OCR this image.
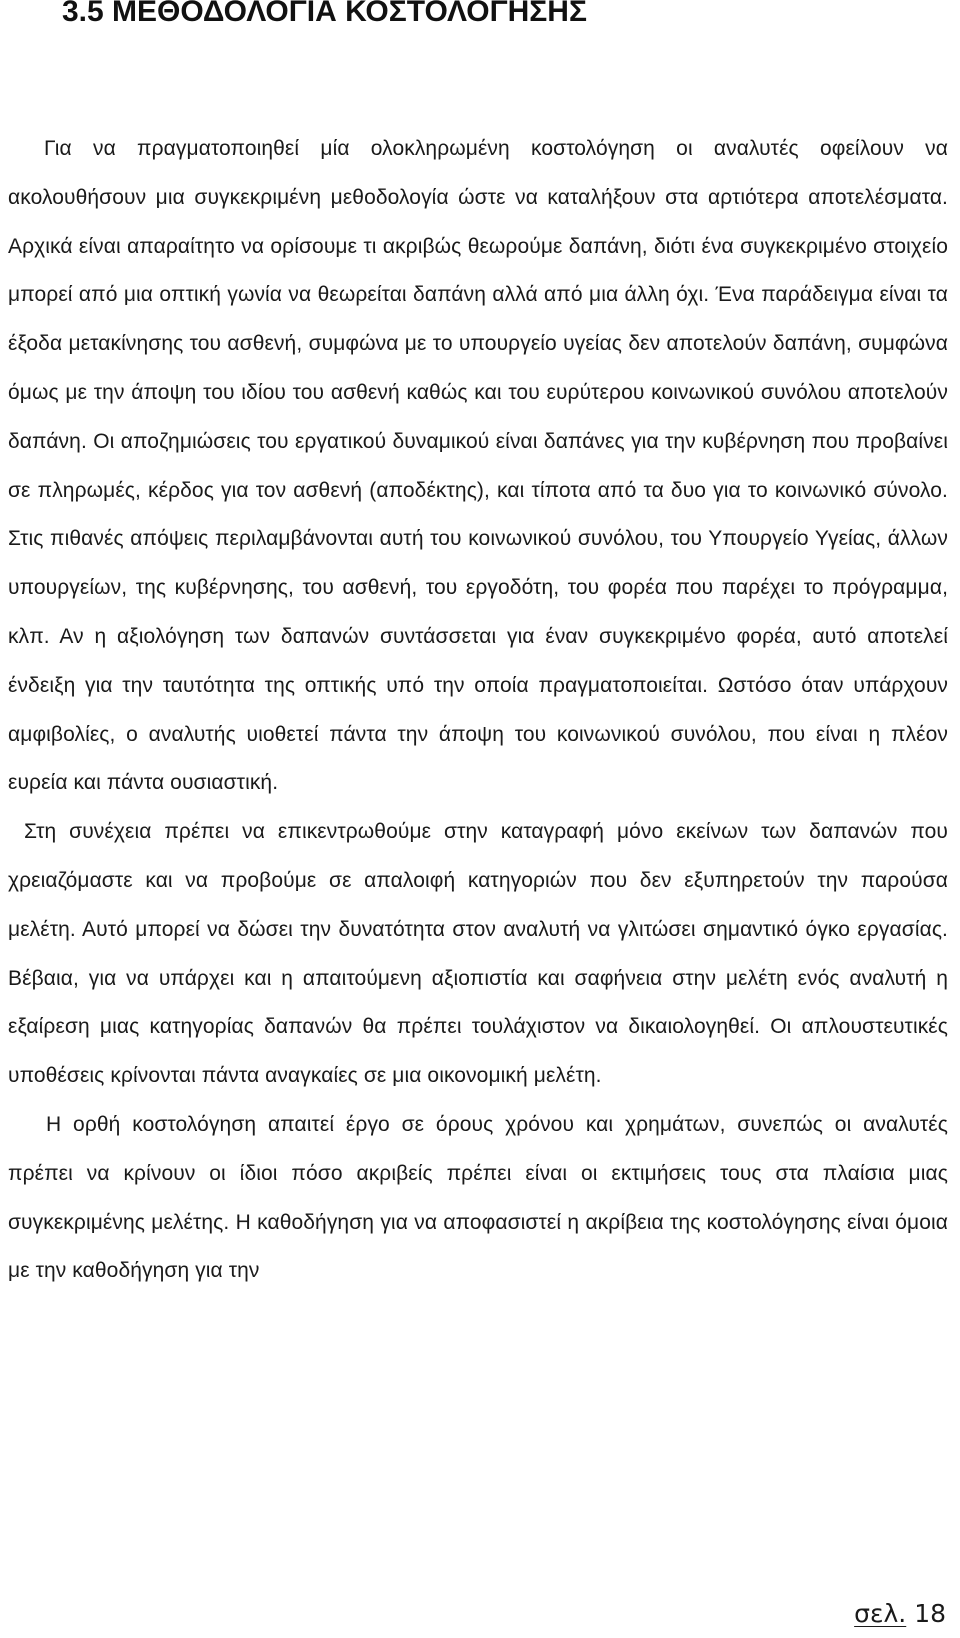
3.5 ΜΕΘΟΔΟΛΟΓΙΑ ΚΟΣΤΟΛΟΓΗΣΗΣ

Για να πραγματοποιηθεί μία ολοκληρωμένη κοστολόγηση οι αναλυτές οφείλουν να ακολουθήσουν μια συγκεκριμένη μεθοδολογία ώστε να καταλήξουν στα αρτιότερα αποτελέσματα. Αρχικά είναι απαραίτητο να ορίσουμε τι ακριβώς θεωρούμε δαπάνη, διότι ένα συγκεκριμένο στοιχείο μπορεί από μια οπτική γωνία να θεωρείται δαπάνη αλλά από μια άλλη όχι. Ένα παράδειγμα είναι τα έξοδα μετακίνησης του ασθενή, συμφώνα με το υπουργείο υγείας δεν αποτελούν δαπάνη, συμφώνα όμως με την άποψη του ιδίου του ασθενή καθώς και του ευρύτερου κοινωνικού συνόλου αποτελούν δαπάνη. Οι αποζημιώσεις του εργατικού δυναμικού είναι δαπάνες για την κυβέρνηση που προβαίνει σε πληρωμές, κέρδος για τον ασθενή (αποδέκτης), και τίποτα από τα δυο για το κοινωνικό σύνολο. Στις πιθανές απόψεις περιλαμβάνονται αυτή του κοινωνικού συνόλου, του Υπουργείο Υγείας, άλλων υπουργείων, της κυβέρνησης, του ασθενή, του εργοδότη, του φορέα που παρέχει το πρόγραμμα, κλπ. Αν η αξιολόγηση των δαπανών συντάσσεται για έναν συγκεκριμένο φορέα, αυτό αποτελεί ένδειξη για την ταυτότητα της οπτικής υπό την οποία πραγματοποιείται. Ωστόσο όταν υπάρχουν αμφιβολίες, ο αναλυτής υιοθετεί πάντα την άποψη του κοινωνικού συνόλου, που είναι η πλέον ευρεία και πάντα ουσιαστική.

Στη συνέχεια πρέπει να επικεντρωθούμε στην καταγραφή μόνο εκείνων των δαπανών που χρειαζόμαστε και να προβούμε σε απαλοιφή κατηγοριών που δεν εξυπηρετούν την παρούσα μελέτη. Αυτό μπορεί να δώσει την δυνατότητα στον αναλυτή να γλιτώσει σημαντικό όγκο εργασίας. Βέβαια, για να υπάρχει και η απαιτούμενη αξιοπιστία και σαφήνεια στην μελέτη ενός αναλυτή η εξαίρεση μιας κατηγορίας δαπανών θα πρέπει τουλάχιστον να δικαιολογηθεί. Οι απλουστευτικές υποθέσεις κρίνονται πάντα αναγκαίες σε μια οικονομική μελέτη.

Η ορθή κοστολόγηση απαιτεί έργο σε όρους χρόνου και χρημάτων, συνεπώς οι αναλυτές πρέπει να κρίνουν οι ίδιοι πόσο ακριβείς πρέπει είναι οι εκτιμήσεις τους στα πλαίσια μιας συγκεκριμένης μελέτης. Η καθοδήγηση για να αποφασιστεί η ακρίβεια της κοστολόγησης είναι όμοια με την καθοδήγηση για την

σελ. 18
